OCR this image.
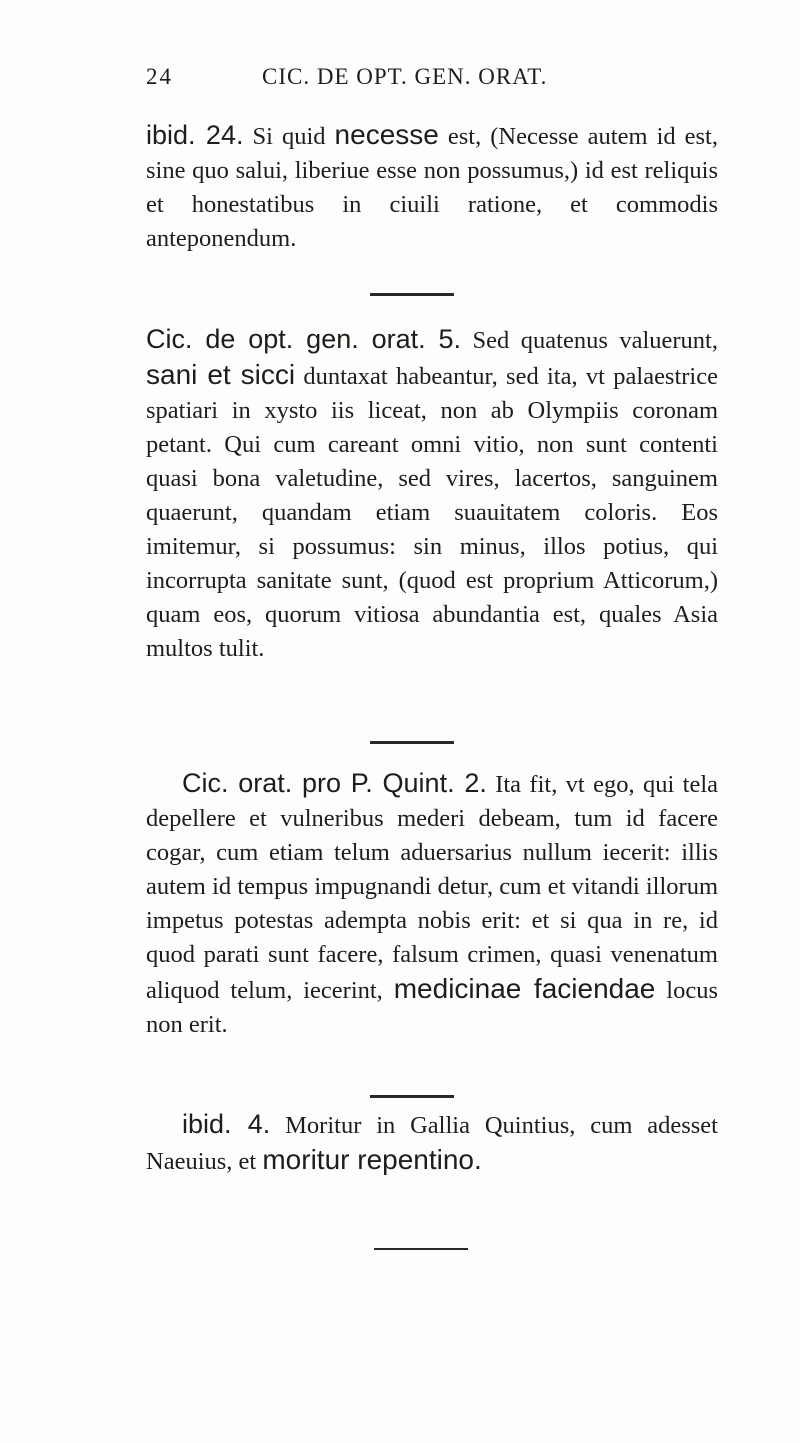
24	CIC. DE OPT. GEN. ORAT.

ibid. 24. Si quid necesse est, (Necesse autem id est, sine quo salui, liberiue esse non possumus,) id est reliquis et honestatibus in ciuili ratione, et commodis anteponendum.

Cic. de opt. gen. orat. 5. Sed quatenus valuerunt, sani et sicci duntaxat habeantur, sed ita, vt palaestrice spatiari in xysto iis liceat, non ab Olympiis coronam petant. Qui cum careant omni vitio, non sunt contenti quasi bona valetudine, sed vires, lacertos, sanguinem quaerunt, quandam etiam suauitatem coloris. Eos imitemur, si possumus: sin minus, illos potius, qui incorrupta sanitate sunt, (quod est proprium Atticorum,) quam eos, quorum vitiosa abundantia est, quales Asia multos tulit.

Cic. orat. pro P. Quint. 2. Ita fit, vt ego, qui tela depellere et vulneribus mederi debeam, tum id facere cogar, cum etiam telum aduersarius nullum iecerit: illis autem id tempus impugnandi detur, cum et vitandi illorum impetus potestas adempta nobis erit: et si qua in re, id quod parati sunt facere, falsum crimen, quasi venenatum aliquod telum, iecerint, medicinae faciendae locus non erit.

ibid. 4. Moritur in Gallia Quintius, cum adesset Naeuius, et moritur repentino.
